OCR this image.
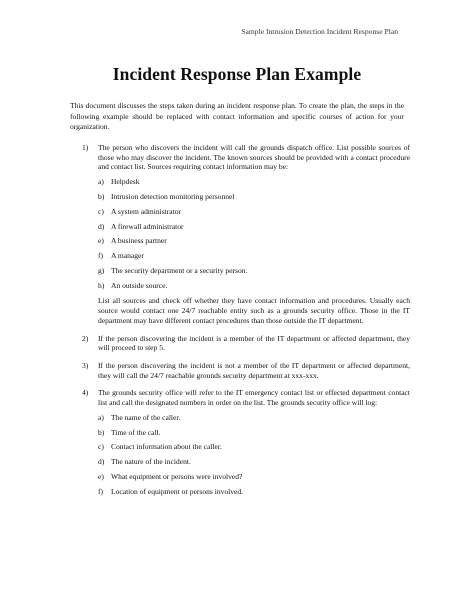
Sample Intrusion Detection Incident Response Plan
Incident Response Plan Example

This document discusses the steps taken during an incident response plan. To create the plan, the steps in the following example should be replaced with contact information and specific courses of action for your organization.

1) The person who discovers the incident will call the grounds dispatch office. List possible sources of those who may discover the incident. The known sources should be provided with a contact procedure and contact list. Sources requiring contact information may be:

a) Helpdesk
b) Intrusion detection monitoring personnel
c) A system administrator
d) A firewall administrator
e) A business partner
f) A manager
g) The security department or a security person.
h) An outside source.

List all sources and check off whether they have contact information and procedures. Usually each source would contact one 24/7 reachable entity such as a grounds security office. Those in the IT department may have different contact procedures than those outside the IT department.

2) If the person discovering the incident is a member of the IT department or affected department, they will proceed to step 5.

3) If the person discovering the incident is not a member of the IT department or affected department, they will call the 24/7 reachable grounds security department at xxx-xxx.

4) The grounds security office will refer to the IT emergency contact list or effected department contact list and call the designated numbers in order on the list. The grounds security office will log:

a) The name of the caller.
b) Time of the call.
c) Contact information about the caller.
d) The nature of the incident.
e) What equipment or persons were involved?
f) Location of equipment or persons involved.
